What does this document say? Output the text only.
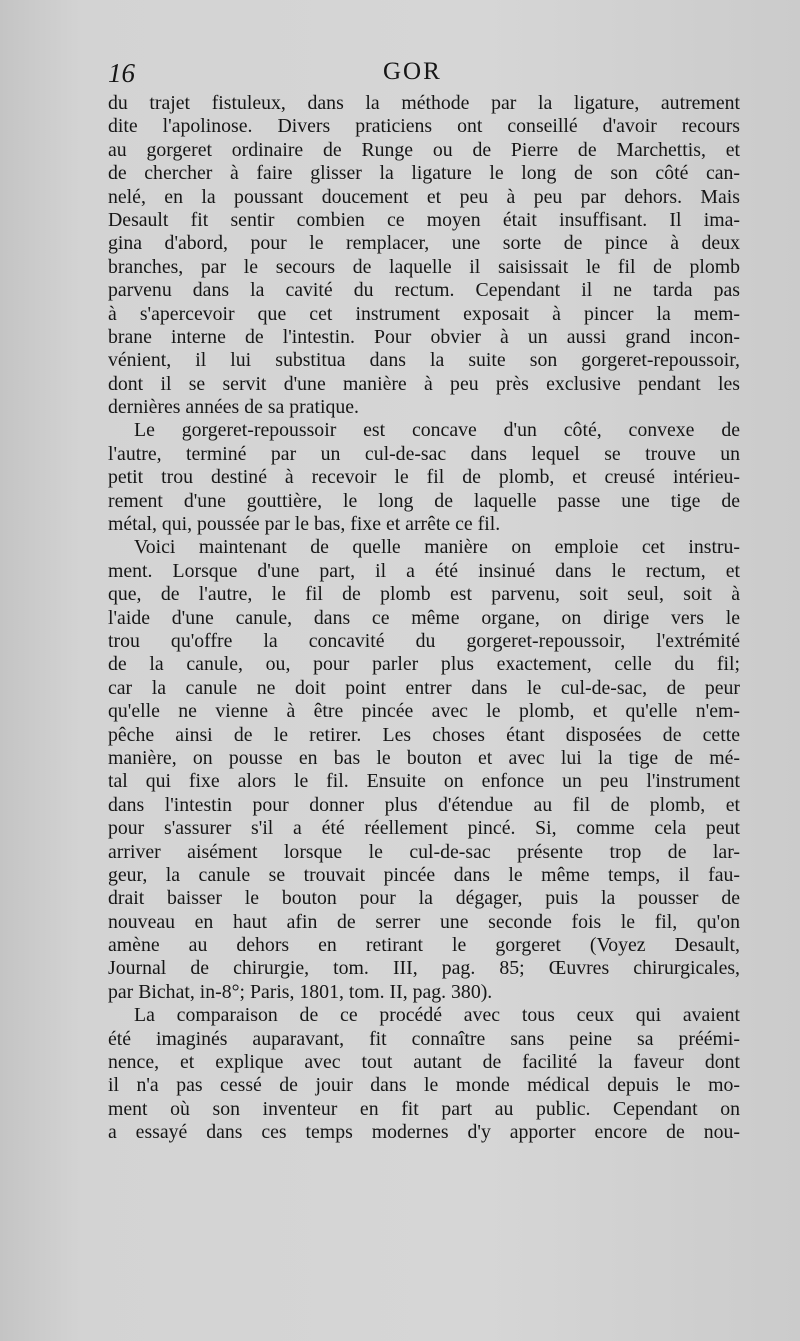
16	GOR
du trajet fistuleux, dans la méthode par la ligature, autrement
dite l'apolinose. Divers praticiens ont conseillé d'avoir recours
au gorgeret ordinaire de Runge ou de Pierre de Marchettis, et
de chercher à faire glisser la ligature le long de son côté can-
nelé, en la poussant doucement et peu à peu par dehors. Mais
Desault fit sentir combien ce moyen était insuffisant. Il ima-
gina d'abord, pour le remplacer, une sorte de pince à deux
branches, par le secours de laquelle il saisissait le fil de plomb
parvenu dans la cavité du rectum. Cependant il ne tarda pas
à s'apercevoir que cet instrument exposait à pincer la mem-
brane interne de l'intestin. Pour obvier à un aussi grand incon-
vénient, il lui substitua dans la suite son gorgeret-repoussoir,
dont il se servit d'une manière à peu près exclusive pendant les
dernières années de sa pratique.
Le gorgeret-repoussoir est concave d'un côté, convexe de
l'autre, terminé par un cul-de-sac dans lequel se trouve un
petit trou destiné à recevoir le fil de plomb, et creusé intérieu-
rement d'une gouttière, le long de laquelle passe une tige de
métal, qui, poussée par le bas, fixe et arrête ce fil.
Voici maintenant de quelle manière on emploie cet instru-
ment. Lorsque d'une part, il a été insinué dans le rectum, et
que, de l'autre, le fil de plomb est parvenu, soit seul, soit à
l'aide d'une canule, dans ce même organe, on dirige vers le
trou qu'offre la concavité du gorgeret-repoussoir, l'extrémité
de la canule, ou, pour parler plus exactement, celle du fil;
car la canule ne doit point entrer dans le cul-de-sac, de peur
qu'elle ne vienne à être pincée avec le plomb, et qu'elle n'em-
pêche ainsi de le retirer. Les choses étant disposées de cette
manière, on pousse en bas le bouton et avec lui la tige de mé-
tal qui fixe alors le fil. Ensuite on enfonce un peu l'instrument
dans l'intestin pour donner plus d'étendue au fil de plomb, et
pour s'assurer s'il a été réellement pincé. Si, comme cela peut
arriver aisément lorsque le cul-de-sac présente trop de lar-
geur, la canule se trouvait pincée dans le même temps, il fau-
drait baisser le bouton pour la dégager, puis la pousser de
nouveau en haut afin de serrer une seconde fois le fil, qu'on
amène au dehors en retirant le gorgeret (Voyez Desault,
Journal de chirurgie, tom. III, pag. 85; Œuvres chirurgicales,
par Bichat, in-8°; Paris, 1801, tom. II, pag. 380).
La comparaison de ce procédé avec tous ceux qui avaient
été imaginés auparavant, fit connaître sans peine sa préémi-
nence, et explique avec tout autant de facilité la faveur dont
il n'a pas cessé de jouir dans le monde médical depuis le mo-
ment où son inventeur en fit part au public. Cependant on
a essayé dans ces temps modernes d'y apporter encore de nou-
